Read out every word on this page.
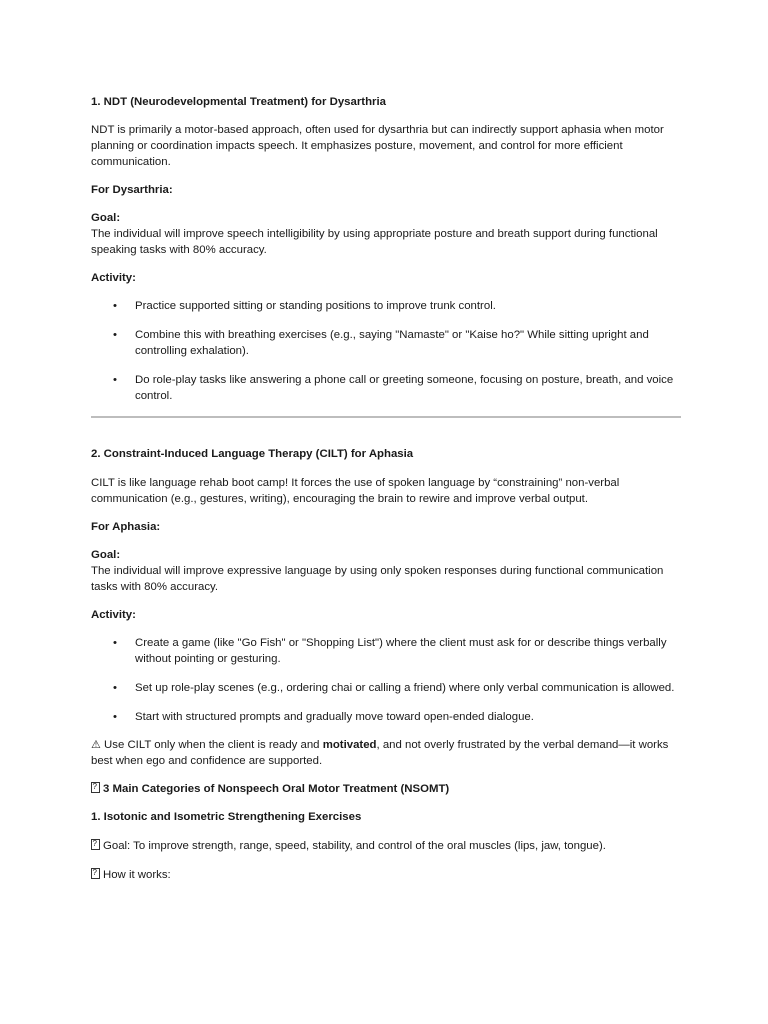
1. NDT (Neurodevelopmental Treatment) for Dysarthria

NDT is primarily a motor-based approach, often used for dysarthria but can indirectly support aphasia when motor planning or coordination impacts speech. It emphasizes posture, movement, and control for more efficient communication.

For Dysarthria:

Goal:

The individual will improve speech intelligibility by using appropriate posture and breath support during functional speaking tasks with 80% accuracy.

Activity:

• Practice supported sitting or standing positions to improve trunk control.
• Combine this with breathing exercises (e.g., saying "Namaste" or "Kaise ho?" While sitting upright and controlling exhalation).
• Do role-play tasks like answering a phone call or greeting someone, focusing on posture, breath, and voice control.

2. Constraint-Induced Language Therapy (CILT) for Aphasia

CILT is like language rehab boot camp! It forces the use of spoken language by “constraining” non-verbal communication (e.g., gestures, writing), encouraging the brain to rewire and improve verbal output.

For Aphasia:

Goal:

The individual will improve expressive language by using only spoken responses during functional communication tasks with 80% accuracy.

Activity:

• Create a game (like "Go Fish" or "Shopping List") where the client must ask for or describe things verbally without pointing or gesturing.
• Set up role-play scenes (e.g., ordering chai or calling a friend) where only verbal communication is allowed.
• Start with structured prompts and gradually move toward open-ended dialogue.

⚠ Use CILT only when the client is ready and motivated, and not overly frustrated by the verbal demand—it works best when ego and confidence are supported.

?3 Main Categories of Nonspeech Oral Motor Treatment (NSOMT)

1. Isotonic and Isometric Strengthening Exercises

?Goal: To improve strength, range, speed, stability, and control of the oral muscles (lips, jaw, tongue).

?How it works:
